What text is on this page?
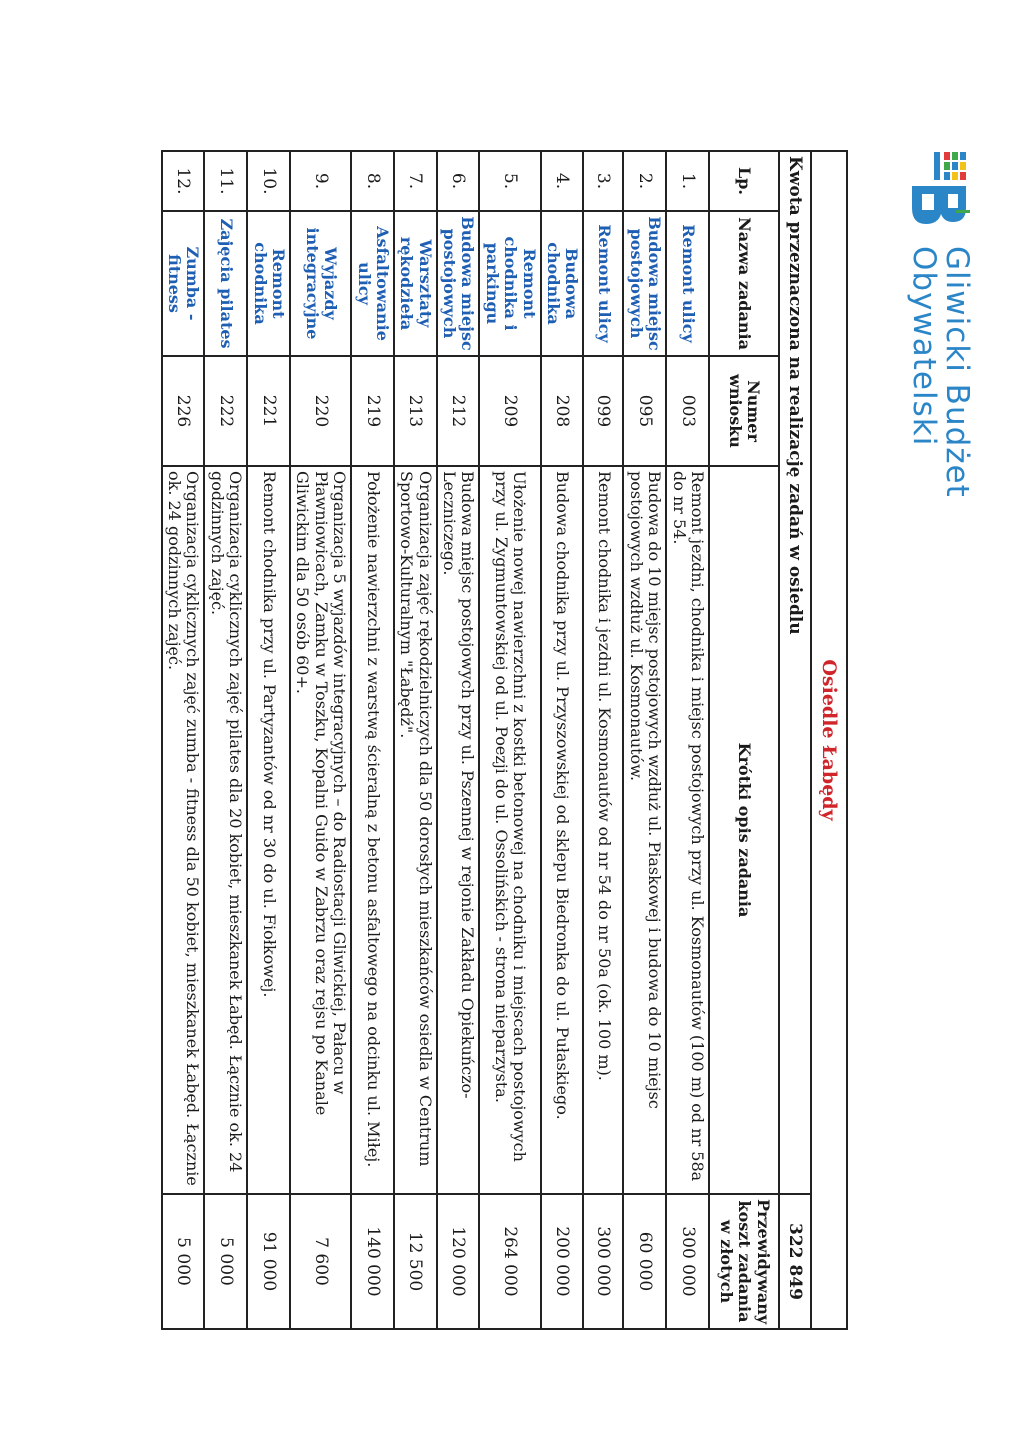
Gliwicki Budżet
Obywatelski
Osiedle Łabędy				
Kwota przeznaczona na realizację zadań w osiedlu				322 849
Lp.	Nazwa zadania	Numer wniosku	Krótki opis zadania	Przewidywany koszt zadania w złotych
1.	Remont ulicy	003	Remont jezdni, chodnika i miejsc postojowych przy ul. Kosmonautów (100 m) od nr 58a do nr 54.	300 000
2.	Budowa miejsc postojowych	095	Budowa do 10 miejsc postojowych wzdłuż ul. Piaskowej i budowa do 10 miejsc postojowych wzdłuż ul. Kosmonautów.	60 000
3.	Remont ulicy	099	Remont chodnika i jezdni ul. Kosmonautów od nr 54 do nr 50a (ok. 100 m).	300 000
4.	Budowa chodnika	208	Budowa chodnika przy ul. Przyszowskiej od sklepu Biedronka do ul. Pułaskiego.	200 000
5.	Remont chodnika i parkingu	209	Ułożenie nowej nawierzchni z kostki betonowej na chodniku i miejscach postojowych przy ul. Zygmuntowskiej od ul. Poezji do ul. Ossolińskich - strona nieparzysta.	264 000
6.	Budowa miejsc postojowych	212	Budowa miejsc postojowych przy ul. Pszennej w rejonie Zakładu Opiekuńczo-Leczniczego.	120 000
7.	Warsztaty rękodzieła	213	Organizacja zajęć rękodzielniczych dla 50 dorosłych mieszkańców osiedla w Centrum Sportowo-Kulturalnym "Łabędź".	12 500
8.	Asfaltowanie ulicy	219	Położenie nawierzchni z warstwą ścieralną z betonu asfaltowego na odcinku ul. Miłej.	140 000
9.	Wyjazdy integracyjne	220	Organizacja 5 wyjazdów integracyjnych – do Radiostacji Gliwickiej, Pałacu w Pławniowicach, Zamku w Toszku, Kopalni Guido w Zabrzu oraz rejsu po Kanale Gliwickim dla 50 osób 60+.	7 600
10.	Remont chodnika	221	Remont chodnika przy ul. Partyzantów od nr 30 do ul. Fiołkowej.	91 000
11.	Zajęcia pilates	222	Organizacja cyklicznych zajęć pilates dla 20 kobiet, mieszkanek Łabęd. Łącznie ok. 24 godzinnych zajęć.	5 000
12.	Zumba - fitness	226	Organizacja cyklicznych zajęć zumba - fitness dla 50 kobiet, mieszkanek Łabęd. Łącznie ok. 24 godzinnych zajęć.	5 000
